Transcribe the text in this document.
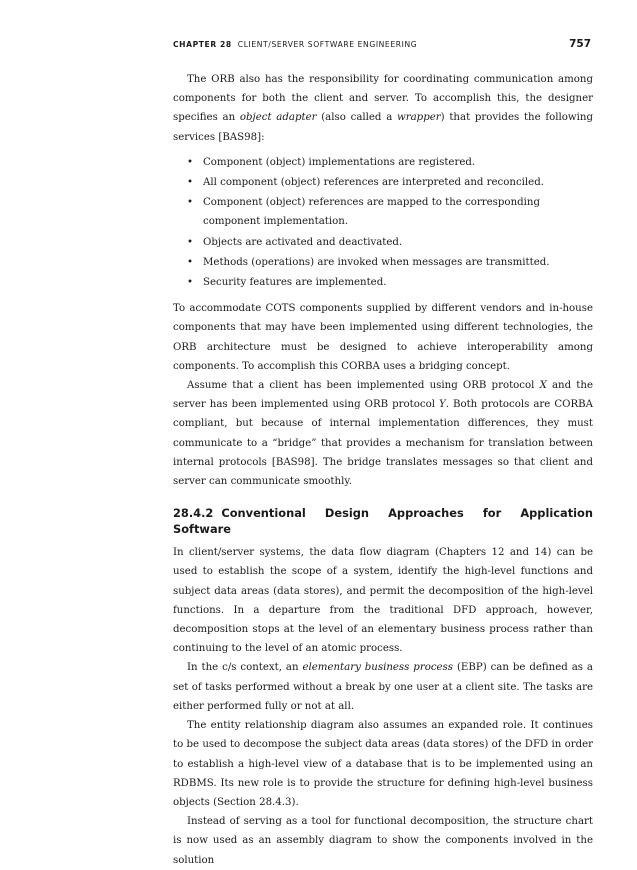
CHAPTER 28 CLIENT/SERVER SOFTWARE ENGINEERING	757

The ORB also has the responsibility for coordinating communication among components for both the client and server. To accomplish this, the designer specifies an object adapter (also called a wrapper) that provides the following services [BAS98]:

• Component (object) implementations are registered.
• All component (object) references are interpreted and reconciled.
• Component (object) references are mapped to the corresponding component implementation.
• Objects are activated and deactivated.
• Methods (operations) are invoked when messages are transmitted.
• Security features are implemented.

To accommodate COTS components supplied by different vendors and in-house components that may have been implemented using different technologies, the ORB architecture must be designed to achieve interoperability among components. To accomplish this CORBA uses a bridging concept.

Assume that a client has been implemented using ORB protocol X and the server has been implemented using ORB protocol Y. Both protocols are CORBA compliant, but because of internal implementation differences, they must communicate to a “bridge” that provides a mechanism for translation between internal protocols [BAS98]. The bridge translates messages so that client and server can communicate smoothly.

28.4.2 Conventional Design Approaches for Application Software

In client/server systems, the data flow diagram (Chapters 12 and 14) can be used to establish the scope of a system, identify the high-level functions and subject data areas (data stores), and permit the decomposition of the high-level functions. In a departure from the traditional DFD approach, however, decomposition stops at the level of an elementary business process rather than continuing to the level of an atomic process.

In the c/s context, an elementary business process (EBP) can be defined as a set of tasks performed without a break by one user at a client site. The tasks are either performed fully or not at all.

The entity relationship diagram also assumes an expanded role. It continues to be used to decompose the subject data areas (data stores) of the DFD in order to establish a high-level view of a database that is to be implemented using an RDBMS. Its new role is to provide the structure for defining high-level business objects (Section 28.4.3).

Instead of serving as a tool for functional decomposition, the structure chart is now used as an assembly diagram to show the components involved in the solution
